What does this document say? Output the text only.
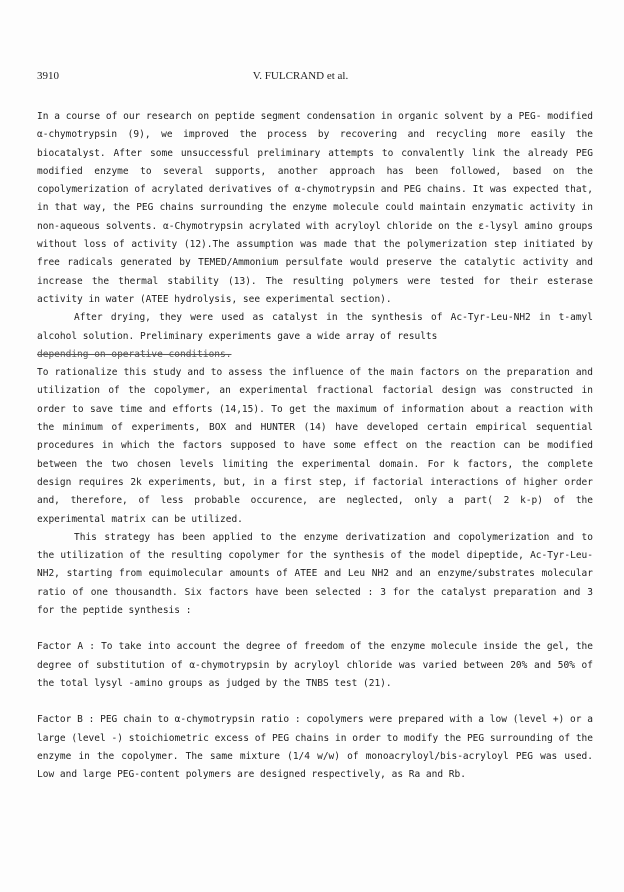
3910	V. FULCRAND et al.

In a course of our research on peptide segment condensation in organic solvent by a PEG- modified α-chymotrypsin (9), we improved the process by recovering and recycling more easily the biocatalyst. After some unsuccessful preliminary attempts to convalently link the already PEG modified enzyme to several supports, another approach has been followed, based on the copolymerization of acrylated derivatives of α-chymotrypsin and PEG chains. It was expected that, in that way, the PEG chains surrounding the enzyme molecule could maintain enzymatic activity in non-aqueous solvents. α-Chymotrypsin acrylated with acryloyl chloride on the ε-lysyl amino groups without loss of activity (12).The assumption was made that the polymerization step initiated by free radicals generated by TEMED/Ammonium persulfate would preserve the catalytic activity and increase the thermal stability (13). The resulting polymers were tested for their esterase activity in water (ATEE hydrolysis, see experimental section).

After drying, they were used as catalyst in the synthesis of Ac-Tyr-Leu-NH2 in t-amyl alcohol solution. Preliminary experiments gave a wide array of results

depending on operative conditions.

To rationalize this study and to assess the influence of the main factors on the preparation and utilization of the copolymer, an experimental fractional factorial design was constructed in order to save time and efforts (14,15). To get the maximum of information about a reaction with the minimum of experiments, BOX and HUNTER (14) have developed certain empirical sequential procedures in which the factors supposed to have some effect on the reaction can be modified between the two chosen levels limiting the experimental domain. For k factors, the complete design requires 2k experiments, but, in a first step, if factorial interactions of higher order and, therefore, of less probable occurence, are neglected, only a part( 2 k-p) of the experimental matrix can be utilized.

This strategy has been applied to the enzyme derivatization and copolymerization and to the utilization of the resulting copolymer for the synthesis of the model dipeptide, Ac-Tyr-Leu-NH2, starting from equimolecular amounts of ATEE and Leu NH2 and an enzyme/substrates molecular ratio of one thousandth. Six factors have been selected : 3 for the catalyst preparation and 3 for the peptide synthesis :

Factor A : To take into account the degree of freedom of the enzyme molecule inside the gel, the degree of substitution of α-chymotrypsin by acryloyl chloride was varied between 20% and 50% of the total lysyl -amino groups as judged by the TNBS test (21).

Factor B : PEG chain to α-chymotrypsin ratio : copolymers were prepared with a low (level +) or a large (level -) stoichiometric excess of PEG chains in order to modify the PEG surrounding of the enzyme in the copolymer. The same mixture (1/4 w/w) of monoacryloyl/bis-acryloyl PEG was used. Low and large PEG-content polymers are designed respectively, as Ra and Rb.
